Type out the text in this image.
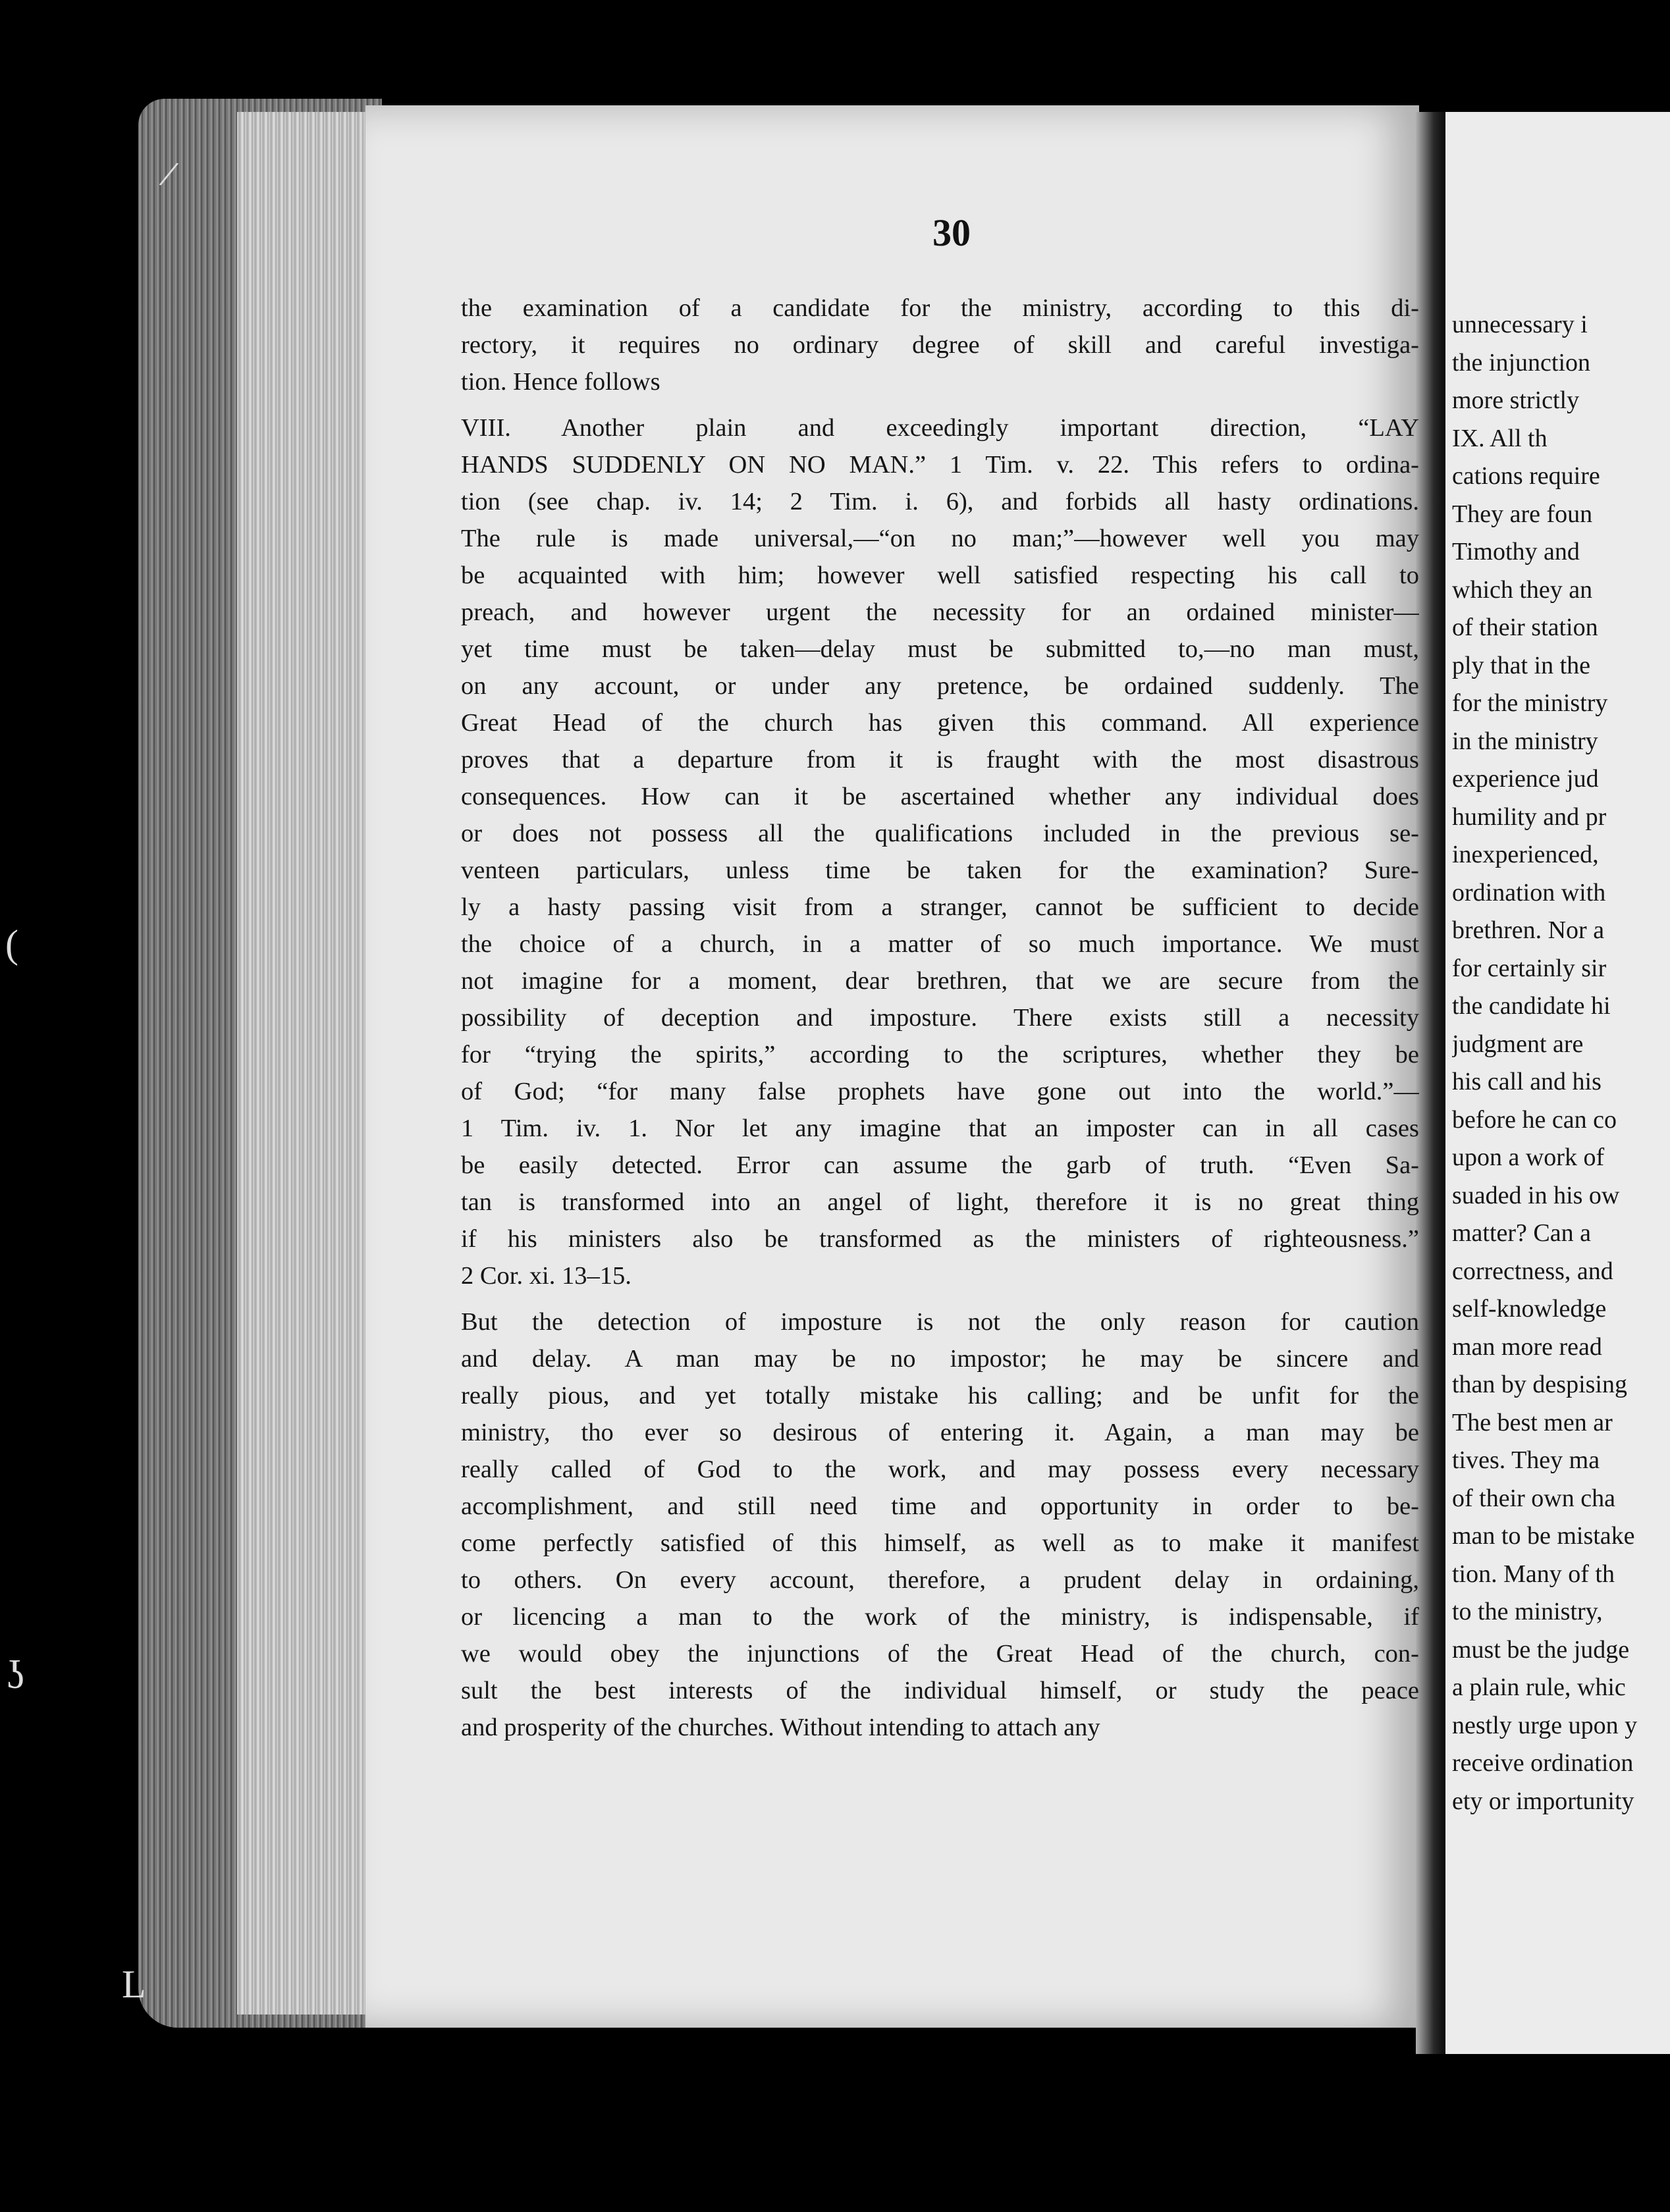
/
(
ʖ
L
30
the examination of a candidate for the ministry, according to this di-
rectory, it requires no ordinary degree of skill and careful investiga-
tion. Hence follows
VIII. Another plain and exceedingly important direction, “LAY
HANDS SUDDENLY ON NO MAN.” 1 Tim. v. 22. This refers to ordina-
tion (see chap. iv. 14; 2 Tim. i. 6), and forbids all hasty ordinations.
The rule is made universal,—“on no man;”—however well you may
be acquainted with him; however well satisfied respecting his call to
preach, and however urgent the necessity for an ordained minister—
yet time must be taken—delay must be submitted to,—no man must,
on any account, or under any pretence, be ordained suddenly. The
Great Head of the church has given this command. All experience
proves that a departure from it is fraught with the most disastrous
consequences. How can it be ascertained whether any individual does
or does not possess all the qualifications included in the previous se-
venteen particulars, unless time be taken for the examination? Sure-
ly a hasty passing visit from a stranger, cannot be sufficient to decide
the choice of a church, in a matter of so much importance. We must
not imagine for a moment, dear brethren, that we are secure from the
possibility of deception and imposture. There exists still a necessity
for “trying the spirits,” according to the scriptures, whether they be
of God; “for many false prophets have gone out into the world.”—
1 Tim. iv. 1. Nor let any imagine that an imposter can in all cases
be easily detected. Error can assume the garb of truth. “Even Sa-
tan is transformed into an angel of light, therefore it is no great thing
if his ministers also be transformed as the ministers of righteousness.”
2 Cor. xi. 13–15.
But the detection of imposture is not the only reason for caution
and delay. A man may be no impostor; he may be sincere and
really pious, and yet totally mistake his calling; and be unfit for the
ministry, tho ever so desirous of entering it. Again, a man may be
really called of God to the work, and may possess every necessary
accomplishment, and still need time and opportunity in order to be-
come perfectly satisfied of this himself, as well as to make it manifest
to others. On every account, therefore, a prudent delay in ordaining,
or licencing a man to the work of the ministry, is indispensable, if
we would obey the injunctions of the Great Head of the church, con-
sult the best interests of the individual himself, or study the peace
and prosperity of the churches. Without intending to attach any
unnecessary i
the injunction
more strictly
IX. All th
cations require
They are foun
Timothy and
which they an
of their station
ply that in the
for the ministry
in the ministry
experience jud
humility and pr
inexperienced,
ordination with
brethren. Nor a
for certainly sir
the candidate hi
judgment are
his call and his
before he can co
upon a work of
suaded in his ow
matter? Can a
correctness, and
self-knowledge
man more read
than by despising
The best men ar
tives. They ma
of their own cha
man to be mistake
tion. Many of th
to the ministry,
must be the judge
a plain rule, whic
nestly urge upon y
receive ordination
ety or importunity
